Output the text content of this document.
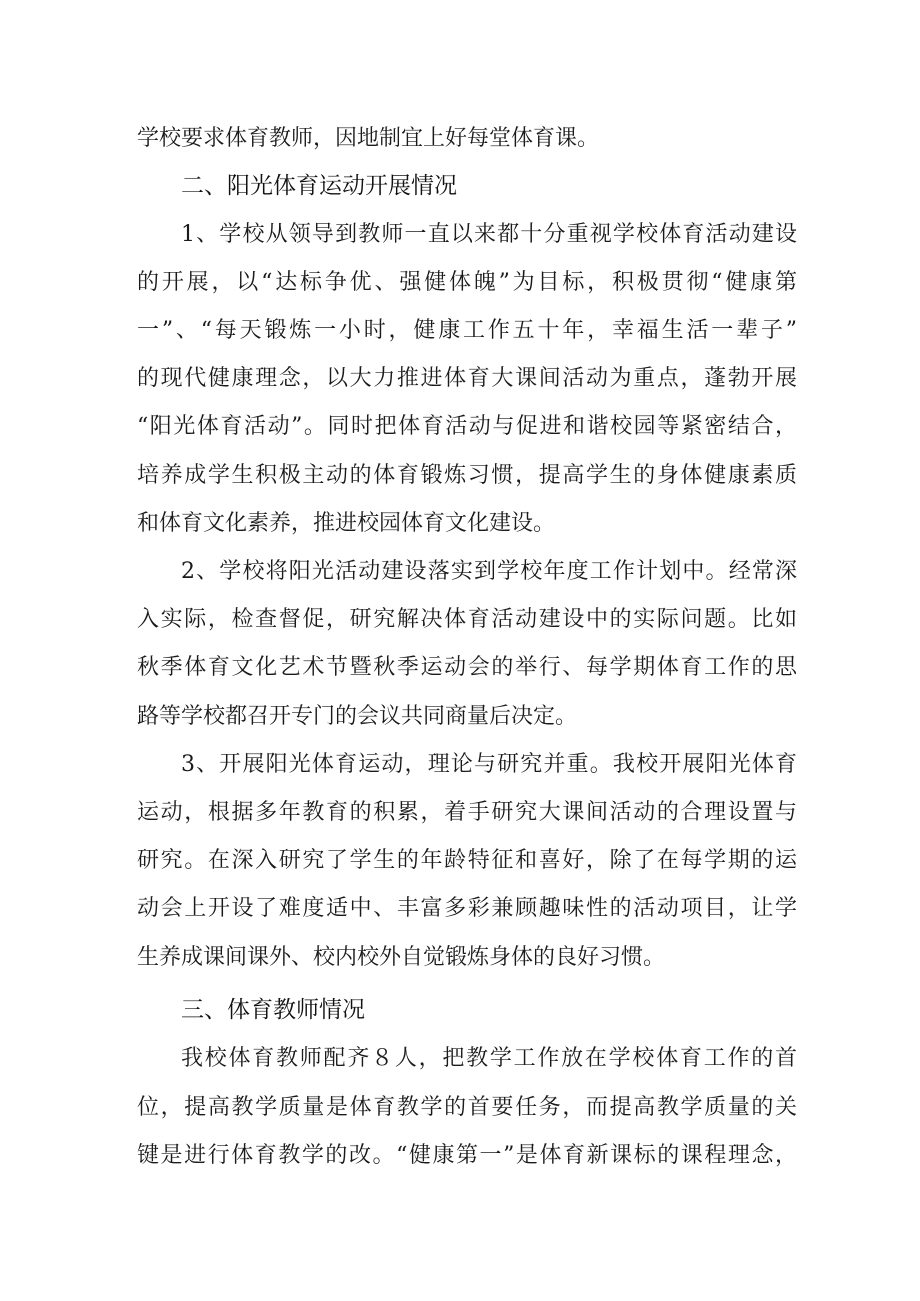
学校要求体育教师，因地制宜上好每堂体育课。
二、阳光体育运动开展情况
1、学校从领导到教师一直以来都十分重视学校体育活动建设
的开展，以“达标争优、强健体魄”为目标，积极贯彻“健康第
一”、“每天锻炼一小时，健康工作五十年，幸福生活一辈子”
的现代健康理念，以大力推进体育大课间活动为重点，蓬勃开展
“阳光体育活动”。同时把体育活动与促进和谐校园等紧密结合，
培养成学生积极主动的体育锻炼习惯，提高学生的身体健康素质
和体育文化素养，推进校园体育文化建设。
2、学校将阳光活动建设落实到学校年度工作计划中。经常深
入实际，检查督促，研究解决体育活动建设中的实际问题。比如
秋季体育文化艺术节暨秋季运动会的举行、每学期体育工作的思
路等学校都召开专门的会议共同商量后决定。
3、开展阳光体育运动，理论与研究并重。我校开展阳光体育
运动，根据多年教育的积累，着手研究大课间活动的合理设置与
研究。在深入研究了学生的年龄特征和喜好，除了在每学期的运
动会上开设了难度适中、丰富多彩兼顾趣味性的活动项目，让学
生养成课间课外、校内校外自觉锻炼身体的良好习惯。
三、体育教师情况
我校体育教师配齐８人，把教学工作放在学校体育工作的首
位，提高教学质量是体育教学的首要任务，而提高教学质量的关
键是进行体育教学的改。“健康第一”是体育新课标的课程理念，
